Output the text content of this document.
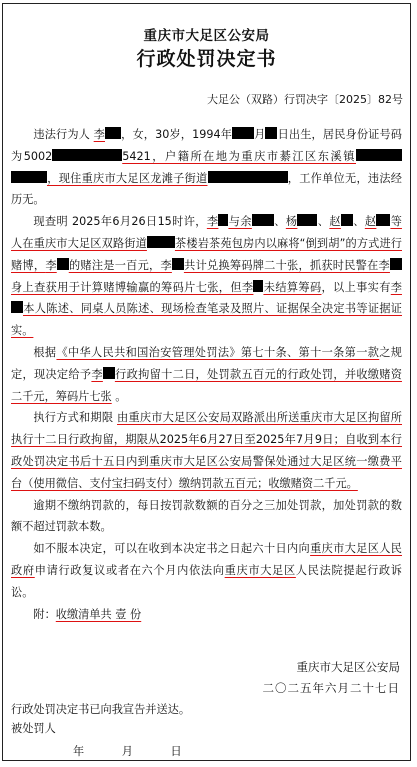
重庆市大足区公安局
行政处罚决定书
大足公（双路）行罚决字〔2025〕82号

违法行为人 李 ，女，30岁，1994年 月 日出生，居民身份证号码为5002	5421，户籍所在地为重庆市綦江区东溪镇，现住重庆市大足区龙滩子街道	，工作单位无，违法经历无。

现查明 2025年6月26日15时许，李 与余 、杨 、赵 、赵 等人在重庆市大足区双路街道	茶楼岩茶苑包房内以麻将“倒到胡”的方式进行赌博，李 的赌注是一百元，李 共计兑换筹码牌二十张，抓获时民警在李身上查获用于计算赌博输赢的筹码片七张，但李 未结算筹码，以上事实有李本人陈述、同桌人员陈述、现场检查笔录及照片、证据保全决定书等证据证实。

根据《中华人民共和国治安管理处罚法》第七十条、第十一条第一款之规定，现决定给予李 行政拘留十二日，处罚款五百元的行政处罚，并收缴赌资二千元，筹码片七张 。

执行方式和期限 由重庆市大足区公安局双路派出所送重庆市大足区拘留所执行十二日行政拘留，期限从2025年6月27日至2025年7月9日；自收到本行政处罚决定书后十五日内到重庆市大足区公安局警保处通过大足区统一缴费平台（使用微信、支付宝扫码支付）缴纳罚款五百元；收缴赌资二千元。

逾期不缴纳罚款的，每日按罚款数额的百分之三加处罚款，加处罚款的数额不超过罚款本数。

如不服本决定，可以在收到本决定书之日起六十日内向重庆市大足区人民政府申请行政复议或者在六个月内依法向重庆市大足区人民法院提起行政诉讼。

附：收缴清单共 壹 份

重庆市大足区公安局
二〇二五年六月二十七日
行政处罚决定书已向我宣告并送达。
被处罚人
年	月	日
